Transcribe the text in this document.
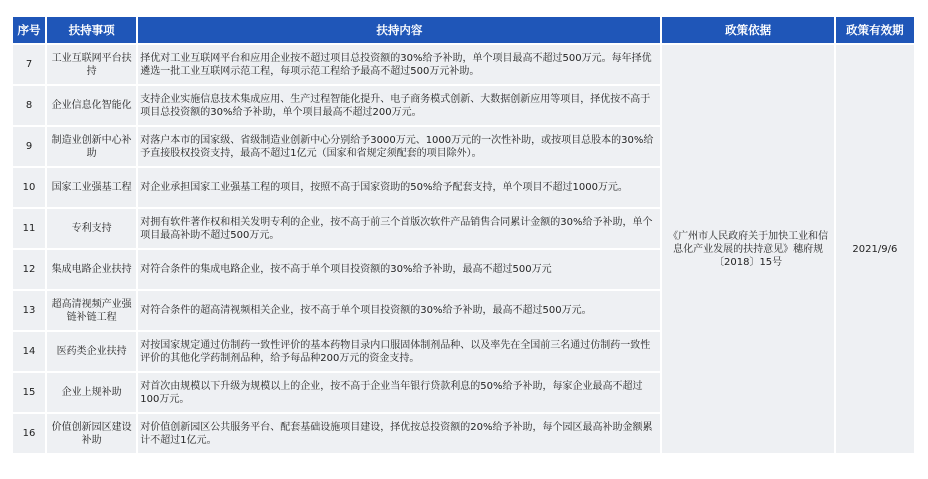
序号	扶持事项	扶持内容	政策依据	政策有效期
7	工业互联网平台扶持	择优对工业互联网平台和应用企业按不超过项目总投资额的30%给予补助，单个项目最高不超过500万元。每年择优遴选一批工业互联网示范工程，每项示范工程给予最高不超过500万元补助。	《广州市人民政府关于加快工业和信息化产业发展的扶持意见》穗府规〔2018〕15号	2021/9/6
8	企业信息化智能化	支持企业实施信息技术集成应用、生产过程智能化提升、电子商务模式创新、大数据创新应用等项目，择优按不高于项目总投资额的30%给予补助，单个项目最高不超过200万元。		
9	制造业创新中心补助	对落户本市的国家级、省级制造业创新中心分别给予3000万元、1000万元的一次性补助，或按项目总股本的30%给予直接股权投资支持，最高不超过1亿元（国家和省规定须配套的项目除外）。		
10	国家工业强基工程	对企业承担国家工业强基工程的项目，按照不高于国家资助的50%给予配套支持，单个项目不超过1000万元。		
11	专利支持	对拥有软件著作权和相关发明专利的企业，按不高于前三个首版次软件产品销售合同累计金额的30%给予补助，单个项目最高补助不超过500万元。		
12	集成电路企业扶持	对符合条件的集成电路企业，按不高于单个项目投资额的30%给予补助，最高不超过500万元		
13	超高清视频产业强链补链工程	对符合条件的超高清视频相关企业，按不高于单个项目投资额的30%给予补助，最高不超过500万元。		
14	医药类企业扶持	对按国家规定通过仿制药一致性评价的基本药物目录内口服固体制剂品种、以及率先在全国前三名通过仿制药一致性评价的其他化学药制剂品种，给予每品种200万元的资金支持。		
15	企业上规补助	对首次由规模以下升级为规模以上的企业，按不高于企业当年银行贷款利息的50%给予补助，每家企业最高不超过100万元。		
16	价值创新园区建设补助	对价值创新园区公共服务平台、配套基础设施项目建设，择优按总投资额的20%给予补助，每个园区最高补助金额累计不超过1亿元。		
